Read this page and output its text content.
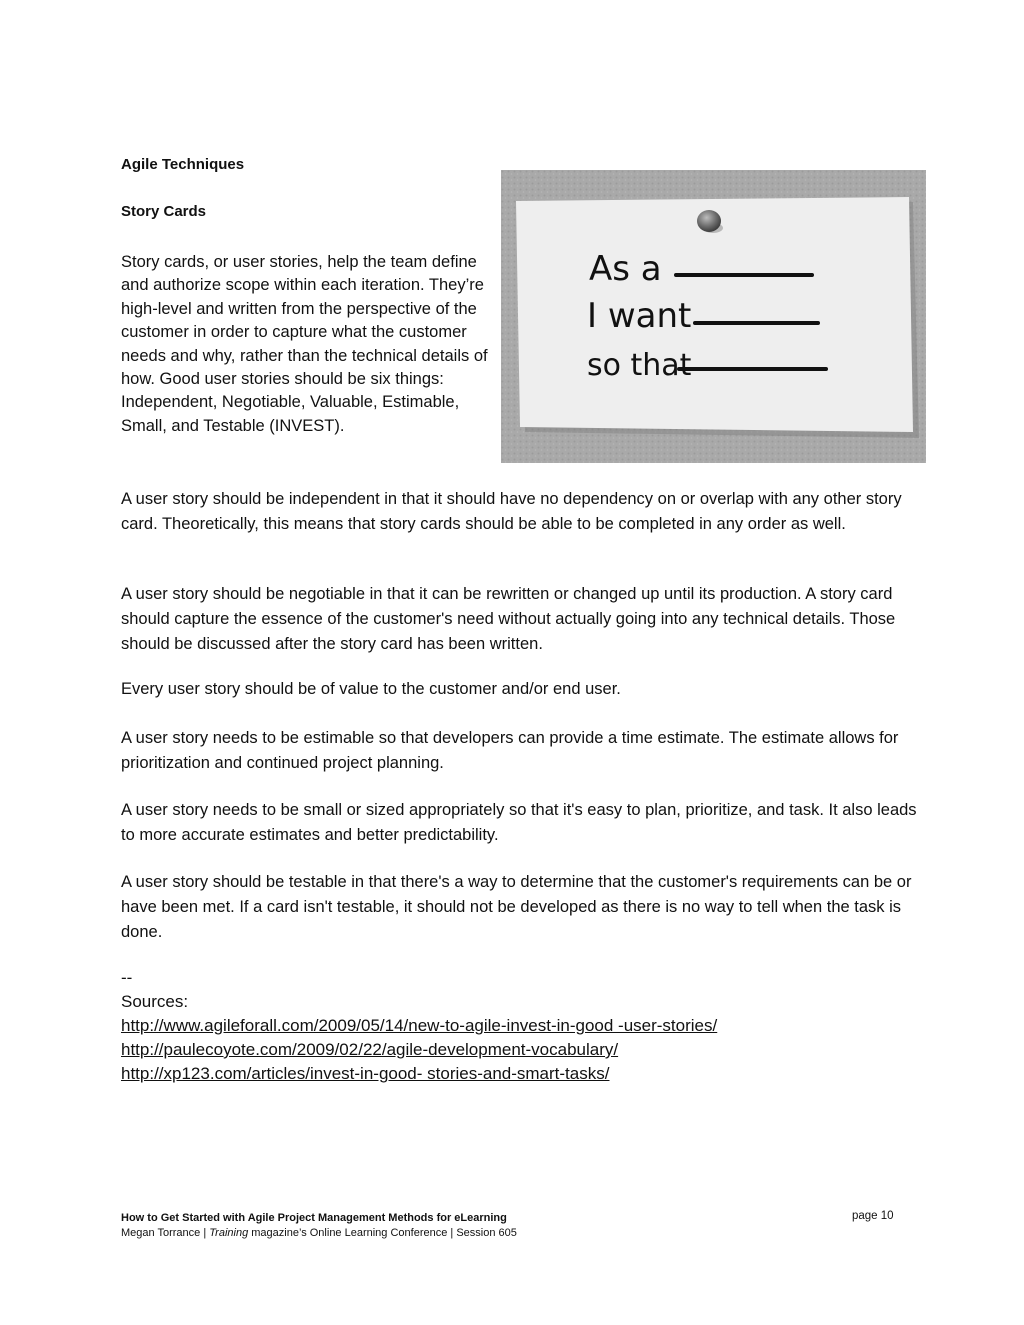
Agile Techniques

Story Cards

Story cards, or user stories, help the team define and authorize scope within each iteration. They’re high-level and written from the perspective of the customer in order to capture what the customer needs and why, rather than the technical details of how. Good user stories should be six things: Independent, Negotiable, Valuable, Estimable, Small, and Testable (INVEST).

As a
I want
so that

A user story should be independent in that it should have no dependency on or overlap with any other story card. Theoretically, this means that story cards should be able to be completed in any order as well.

A user story should be negotiable in that it can be rewritten or changed up until its production. A story card should capture the essence of the customer's need without actually going into any technical details. Those should be discussed after the story card has been written.

Every user story should be of value to the customer and/or end user.

A user story needs to be estimable so that developers can provide a time estimate. The estimate allows for prioritization and continued project planning.

A user story needs to be small or sized appropriately so that it's easy to plan, prioritize, and task. It also leads to more accurate estimates and better predictability.

A user story should be testable in that there's a way to determine that the customer's requirements can be or have been met. If a card isn't testable, it should not be developed as there is no way to tell when the task is done.

--
Sources:
http://www.agileforall.com/2009/05/14/new-to-agile-invest-in-good -user-stories/
http://paulecoyote.com/2009/02/22/agile-development-vocabulary/
http://xp123.com/articles/invest-in-good- stories-and-smart-tasks/
How to Get Started with Agile Project Management Methods for eLearning
Megan Torrance | Training magazine’s Online Learning Conference | Session 605
page 10
